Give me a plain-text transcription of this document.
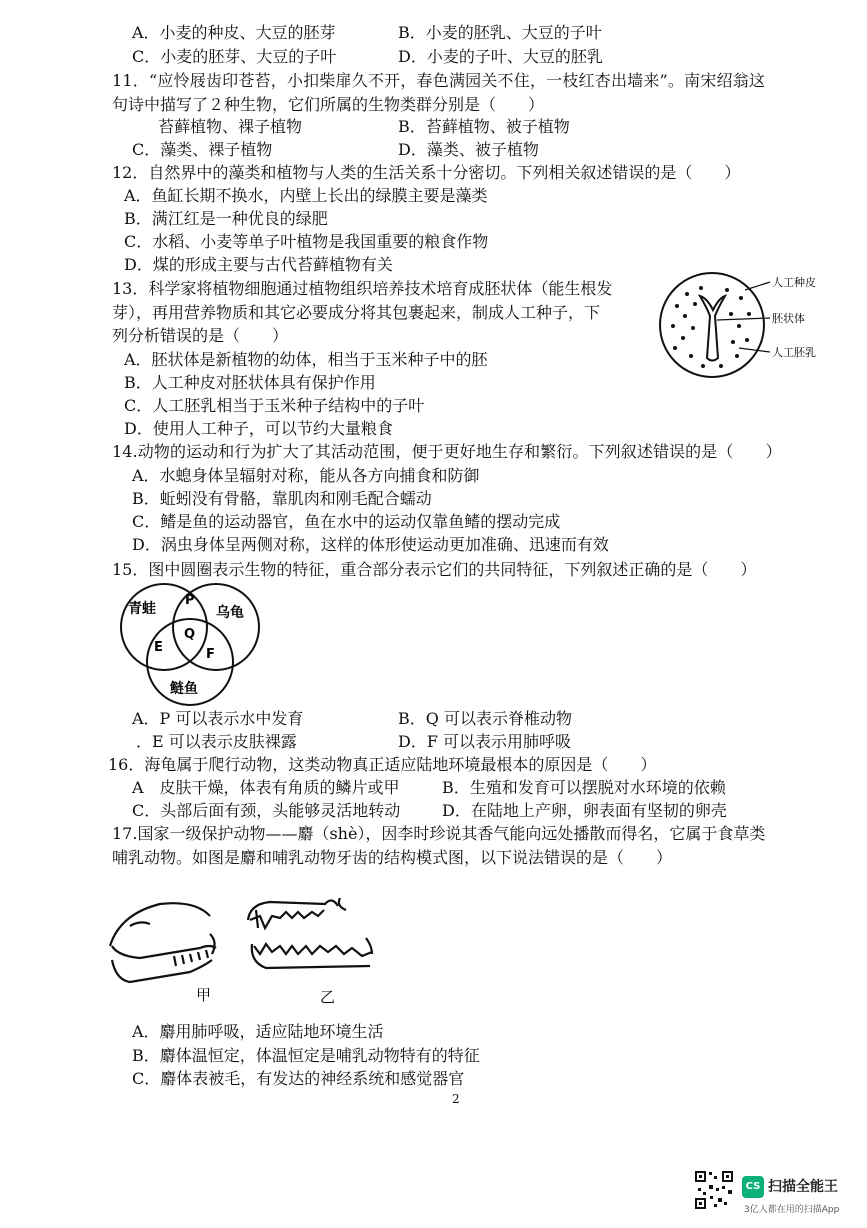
A．小麦的种皮、大豆的胚芽	B．小麦的胚乳、大豆的子叶
C．小麦的胚芽、大豆的子叶	D．小麦的子叶、大豆的胚乳
11．“应怜屐齿印苍苔，小扣柴扉久不开，春色满园关不住，一枝红杏出墙来”。南宋绍翁这
句诗中描写了２种生物，它们所属的生物类群分别是（　　）
苔藓植物、裸子植物	B．苔藓植物、被子植物
C．藻类、裸子植物	D．藻类、被子植物
12．自然界中的藻类和植物与人类的生活关系十分密切。下列相关叙述错误的是（　　）
A．鱼缸长期不换水，内壁上长出的绿膜主要是藻类
B．满江红是一种优良的绿肥
C．水稻、小麦等单子叶植物是我国重要的粮食作物
D．煤的形成主要与古代苔藓植物有关
13．科学家将植物细胞通过植物组织培养技术培育成胚状体（能生根发
芽），再用营养物质和其它必要成分将其包裹起来，制成人工种子，下
列分析错误的是（　　）
A．胚状体是新植物的幼体，相当于玉米种子中的胚
B．人工种皮对胚状体具有保护作用
C．人工胚乳相当于玉米种子结构中的子叶
D．使用人工种子，可以节约大量粮食
人工种皮
胚状体
人工胚乳
14.动物的运动和行为扩大了其活动范围，便于更好地生存和繁衍。下列叙述错误的是（　　）
A．水螅身体呈辐射对称，能从各方向捕食和防御
B．蚯蚓没有骨骼，靠肌肉和刚毛配合蠕动
C．鳍是鱼的运动器官，鱼在水中的运动仅靠鱼鳍的摆动完成
D．涡虫身体呈两侧对称，这样的体形使运动更加准确、迅速而有效
15．图中圆圈表示生物的特征，重合部分表示它们的共同特征，下列叙述正确的是（　　）
青蛙	乌龟
鲢鱼
P
Q
E	F
A．P 可以表示水中发育	B．Q 可以表示脊椎动物
．E 可以表示皮肤裸露	D．F 可以表示用肺呼吸
16．海龟属于爬行动物，这类动物真正适应陆地环境最根本的原因是（　　）
A　皮肤干燥，体表有角质的鳞片或甲	B．生殖和发育可以摆脱对水环境的依赖
C．头部后面有颈，头能够灵活地转动	D．在陆地上产卵，卵表面有坚韧的卵壳
17.国家一级保护动物——麝（shè），因李时珍说其香气能向远处播散而得名，它属于食草类
哺乳动物。如图是麝和哺乳动物牙齿的结构模式图，以下说法错误的是（　　）
甲	乙
A．麝用肺呼吸，适应陆地环境生活
B．麝体温恒定，体温恒定是哺乳动物特有的特征
C．麝体表被毛，有发达的神经系统和感觉器官
2
CS 扫描全能王
3亿人都在用的扫描App
